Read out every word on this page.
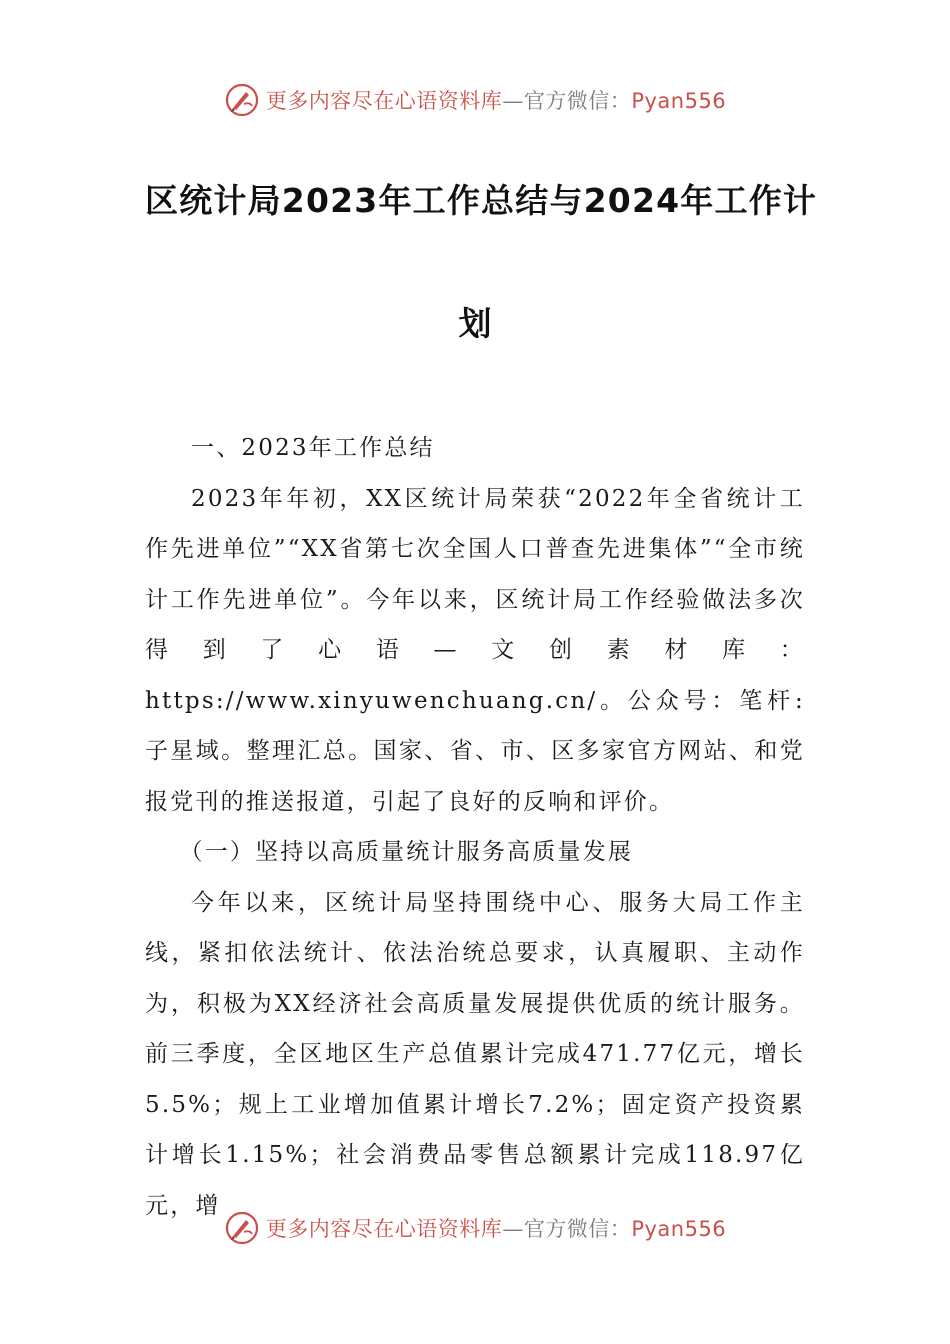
更多内容尽在心语资料库—官方微信：Pyan556
区统计局2023年工作总结与2024年工作计
划

一、2023年工作总结

2023年年初，XX区统计局荣获“2022年全省统计工作先进单位”“XX省第七次全国人口普查先进集体”“全市统计工作先进单位”。今年以来，区统计局工作经验做法多次得到了心语—文创素材库：https://www.xinyuwenchuang.cn/。公众号：笔杆:子星域。整理汇总。国家、省、市、区多家官方网站、和党报党刊的推送报道，引起了良好的反响和评价。

（一）坚持以高质量统计服务高质量发展

今年以来，区统计局坚持围绕中心、服务大局工作主线，紧扣依法统计、依法治统总要求，认真履职、主动作为，积极为XX经济社会高质量发展提供优质的统计服务。前三季度，全区地区生产总值累计完成471.77亿元，增长5.5%；规上工业增加值累计增长7.2%；固定资产投资累计增长1.15%；社会消费品零售总额累计完成118.97亿元，增

更多内容尽在心语资料库—官方微信：Pyan556
